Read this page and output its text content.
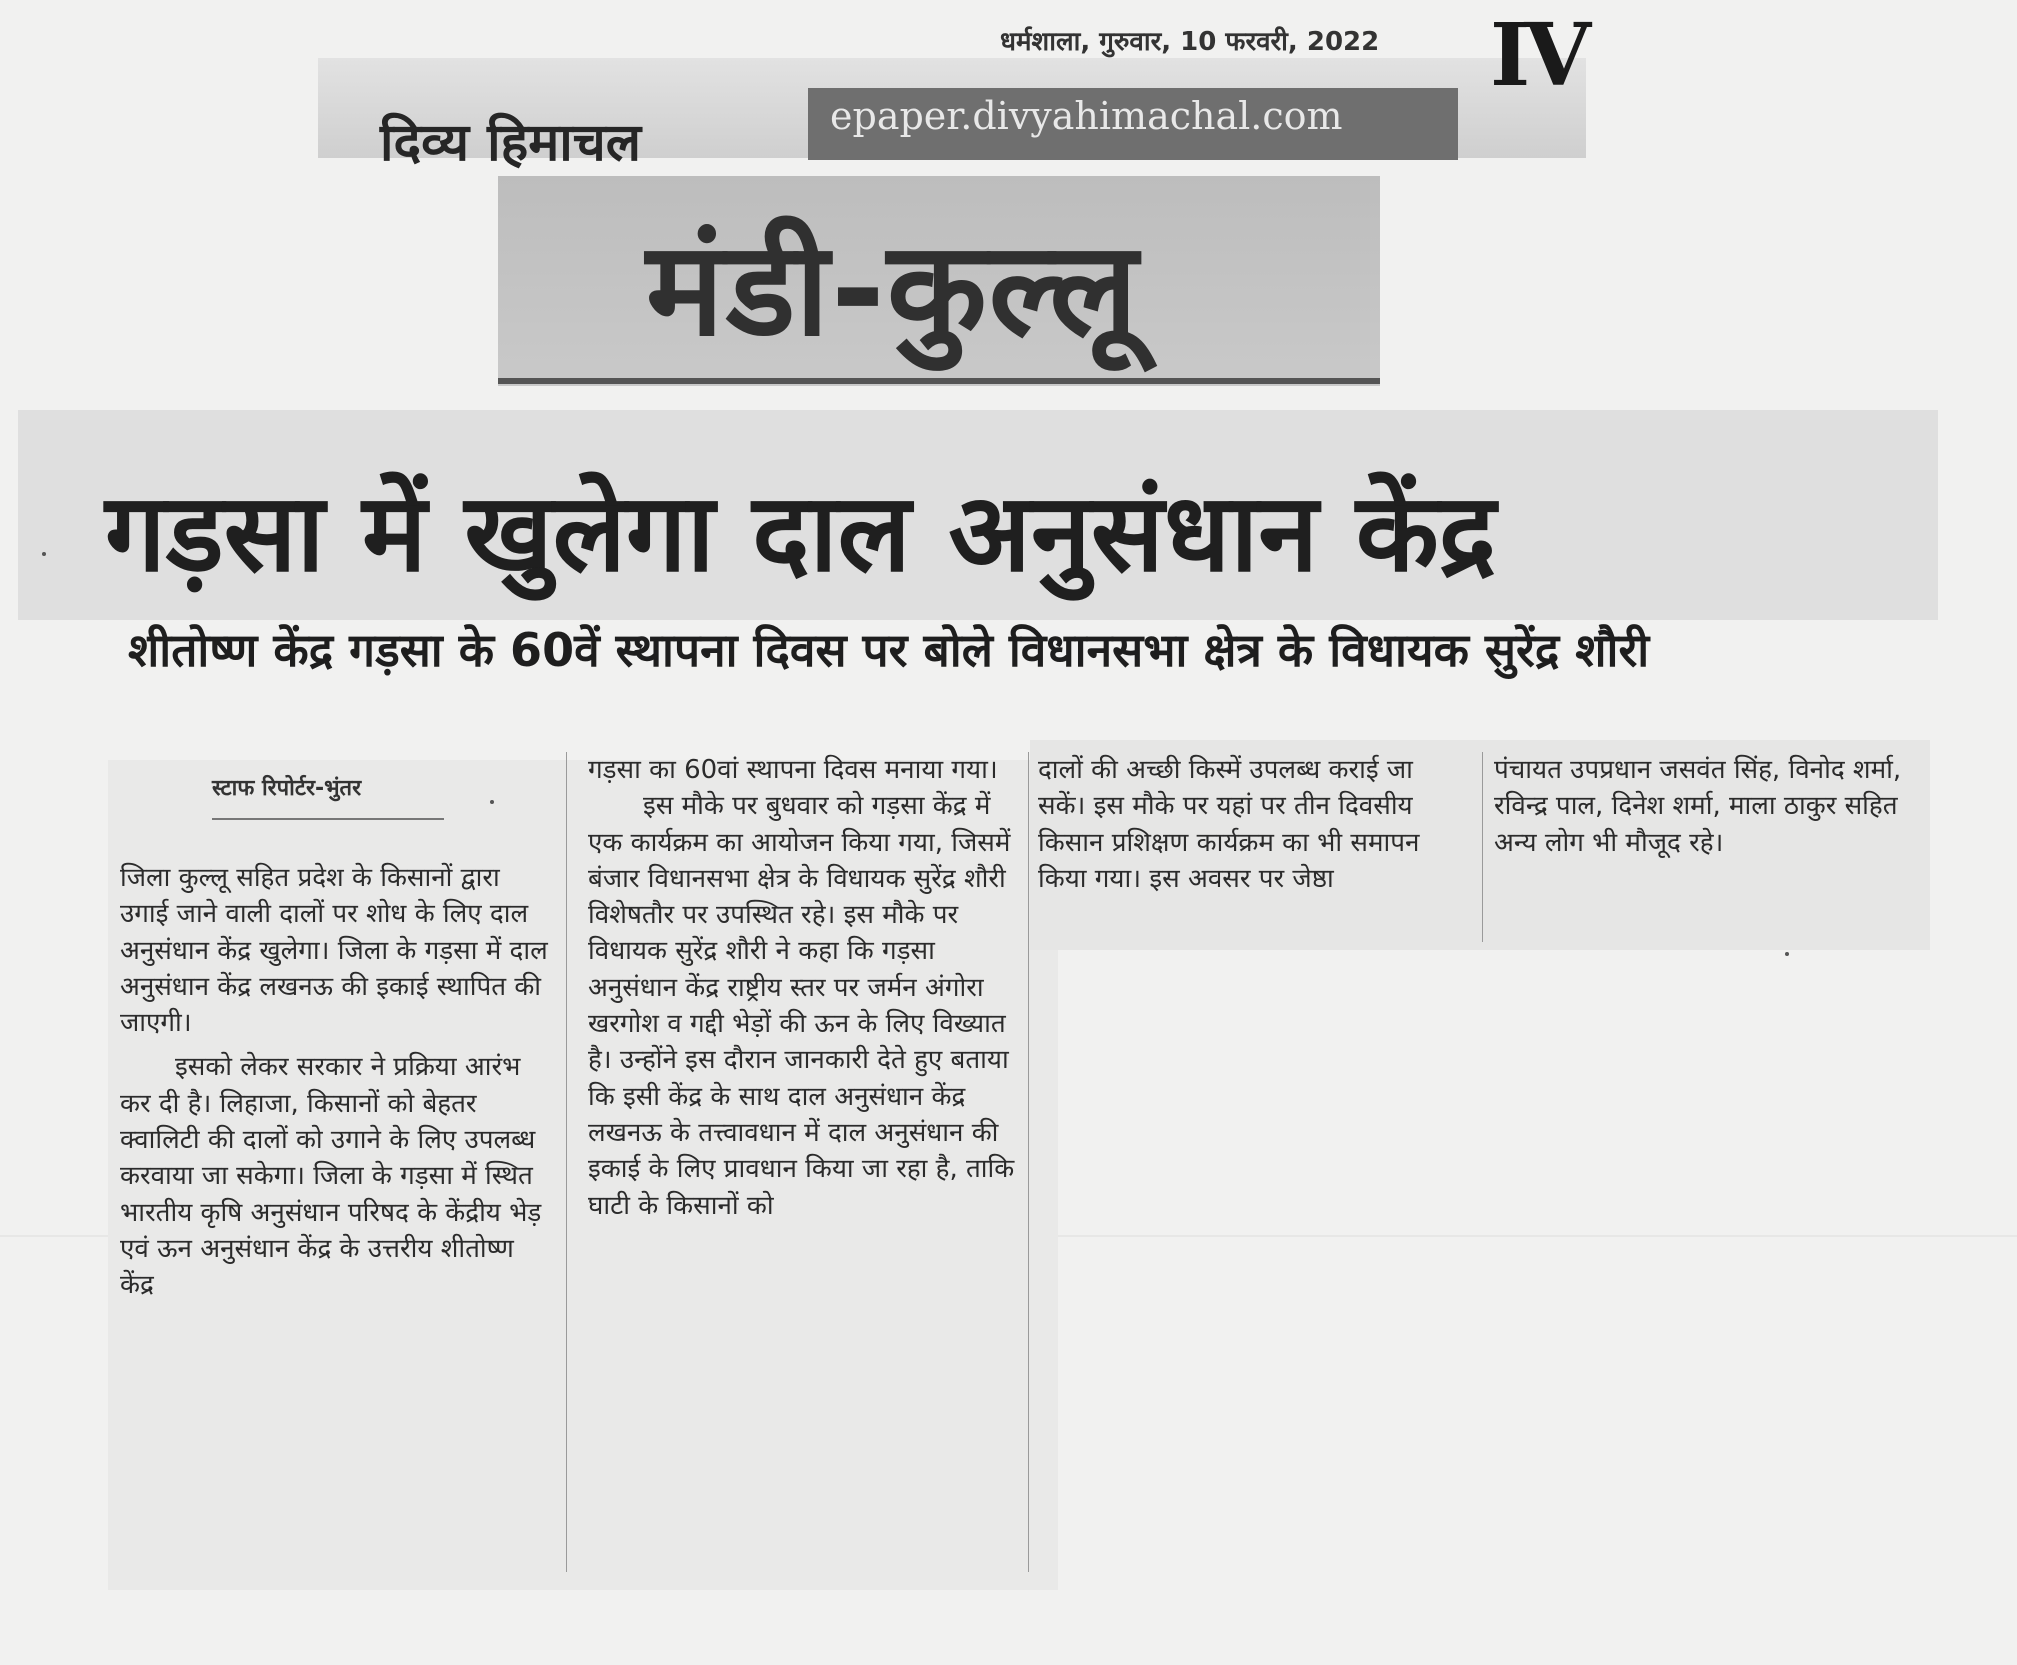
धर्मशाला, गुरुवार, 10 फरवरी, 2022 IV
दिव्य हिमाचल	epaper.divyahimachal.com
मंडी-कुल्लू
गड़सा में खुलेगा दाल अनुसंधान केंद्र
शीतोष्ण केंद्र गड़सा के 60वें स्थापना दिवस पर बोले विधानसभा क्षेत्र के विधायक सुरेंद्र शौरी
स्टाफ रिपोर्टर-भुंतर

जिला कुल्लू सहित प्रदेश के किसानों द्वारा उगाई जाने वाली दालों पर शोध के लिए दाल अनुसंधान केंद्र खुलेगा। जिला के गड़सा में दाल अनुसंधान केंद्र लखनऊ की इकाई स्थापित की जाएगी।

इसको लेकर सरकार ने प्रक्रिया आरंभ कर दी है। लिहाजा, किसानों को बेहतर क्वालिटी की दालों को उगाने के लिए उपलब्ध करवाया जा सकेगा। जिला के गड़सा में स्थित भारतीय कृषि अनुसंधान परिषद के केंद्रीय भेड़ एवं ऊन अनुसंधान केंद्र के उत्तरीय शीतोष्ण केंद्र

गड़सा का 60वां स्थापना दिवस मनाया गया।

इस मौके पर बुधवार को गड़सा केंद्र में एक कार्यक्रम का आयोजन किया गया, जिसमें बंजार विधानसभा क्षेत्र के विधायक सुरेंद्र शौरी विशेषतौर पर उपस्थित रहे। इस मौके पर विधायक सुरेंद्र शौरी ने कहा कि गड़सा अनुसंधान केंद्र राष्ट्रीय स्तर पर जर्मन अंगोरा खरगोश व गद्दी भेड़ों की ऊन के लिए विख्यात है। उन्होंने इस दौरान जानकारी देते हुए बताया कि इसी केंद्र के साथ दाल अनुसंधान केंद्र लखनऊ के तत्त्वावधान में दाल अनुसंधान की इकाई के लिए प्रावधान किया जा रहा है, ताकि घाटी के किसानों को

दालों की अच्छी किस्में उपलब्ध कराई जा सकें। इस मौके पर यहां पर तीन दिवसीय किसान प्रशिक्षण कार्यक्रम का भी समापन किया गया। इस अवसर पर जेष्ठा

पंचायत उपप्रधान जसवंत सिंह, विनोद शर्मा, रविन्द्र पाल, दिनेश शर्मा, माला ठाकुर सहित अन्य लोग भी मौजूद रहे।
